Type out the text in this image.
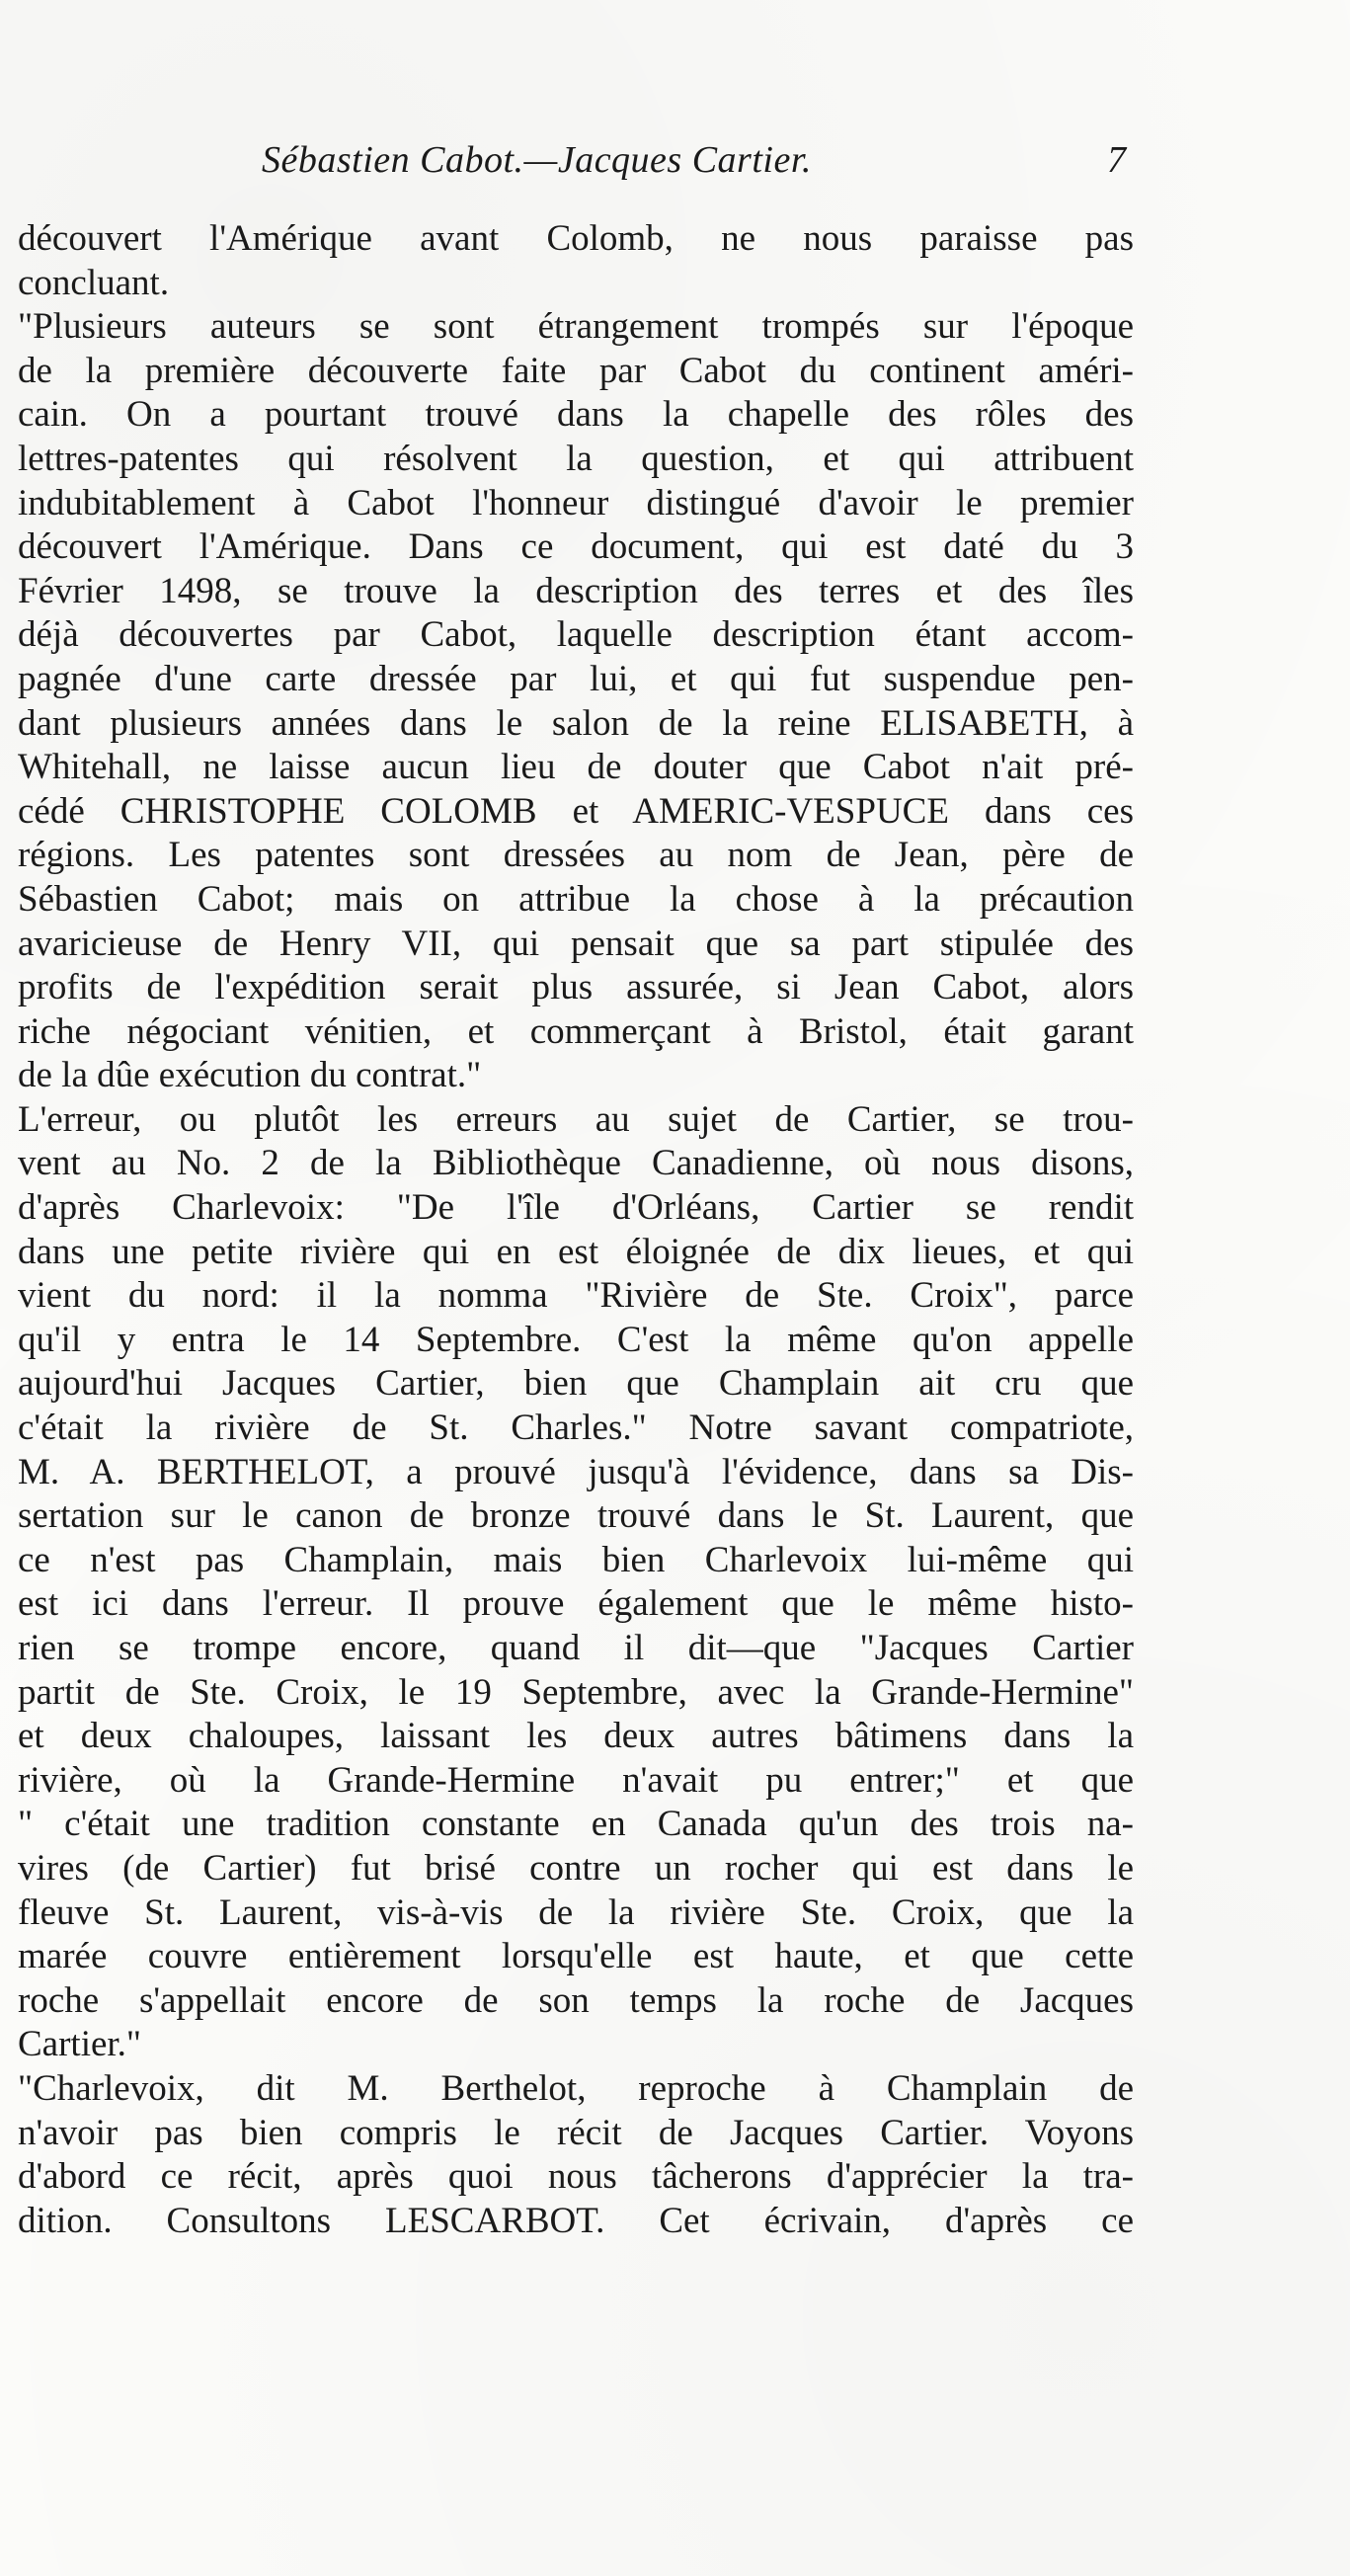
Sébastien Cabot.—Jacques Cartier.	7
découvert l'Amérique avant Colomb, ne nous paraisse pas
concluant.
"Plusieurs auteurs se sont étrangement trompés sur l'époque
de la première découverte faite par Cabot du continent améri-
cain. On a pourtant trouvé dans la chapelle des rôles des
lettres-patentes qui résolvent la question, et qui attribuent
indubitablement à Cabot l'honneur distingué d'avoir le premier
découvert l'Amérique. Dans ce document, qui est daté du 3
Février 1498, se trouve la description des terres et des îles
déjà découvertes par Cabot, laquelle description étant accom-
pagnée d'une carte dressée par lui, et qui fut suspendue pen-
dant plusieurs années dans le salon de la reine ELISABETH, à
Whitehall, ne laisse aucun lieu de douter que Cabot n'ait pré-
cédé CHRISTOPHE COLOMB et AMERIC-VESPUCE dans ces
régions. Les patentes sont dressées au nom de Jean, père de
Sébastien Cabot; mais on attribue la chose à la précaution
avaricieuse de Henry VII, qui pensait que sa part stipulée des
profits de l'expédition serait plus assurée, si Jean Cabot, alors
riche négociant vénitien, et commerçant à Bristol, était garant
de la dûe exécution du contrat."
L'erreur, ou plutôt les erreurs au sujet de Cartier, se trou-
vent au No. 2 de la Bibliothèque Canadienne, où nous disons,
d'après Charlevoix: "De l'île d'Orléans, Cartier se rendit
dans une petite rivière qui en est éloignée de dix lieues, et qui
vient du nord: il la nomma "Rivière de Ste. Croix", parce
qu'il y entra le 14 Septembre. C'est la même qu'on appelle
aujourd'hui Jacques Cartier, bien que Champlain ait cru que
c'était la rivière de St. Charles." Notre savant compatriote,
M. A. BERTHELOT, a prouvé jusqu'à l'évidence, dans sa Dis-
sertation sur le canon de bronze trouvé dans le St. Laurent, que
ce n'est pas Champlain, mais bien Charlevoix lui-même qui
est ici dans l'erreur. Il prouve également que le même histo-
rien se trompe encore, quand il dit—que "Jacques Cartier
partit de Ste. Croix, le 19 Septembre, avec la Grande-Hermine"
et deux chaloupes, laissant les deux autres bâtimens dans la
rivière, où la Grande-Hermine n'avait pu entrer;" et que
" c'était une tradition constante en Canada qu'un des trois na-
vires (de Cartier) fut brisé contre un rocher qui est dans le
fleuve St. Laurent, vis-à-vis de la rivière Ste. Croix, que la
marée couvre entièrement lorsqu'elle est haute, et que cette
roche s'appellait encore de son temps la roche de Jacques
Cartier."
"Charlevoix, dit M. Berthelot, reproche à Champlain de
n'avoir pas bien compris le récit de Jacques Cartier. Voyons
d'abord ce récit, après quoi nous tâcherons d'apprécier la tra-
dition. Consultons LESCARBOT. Cet écrivain, d'après ce
